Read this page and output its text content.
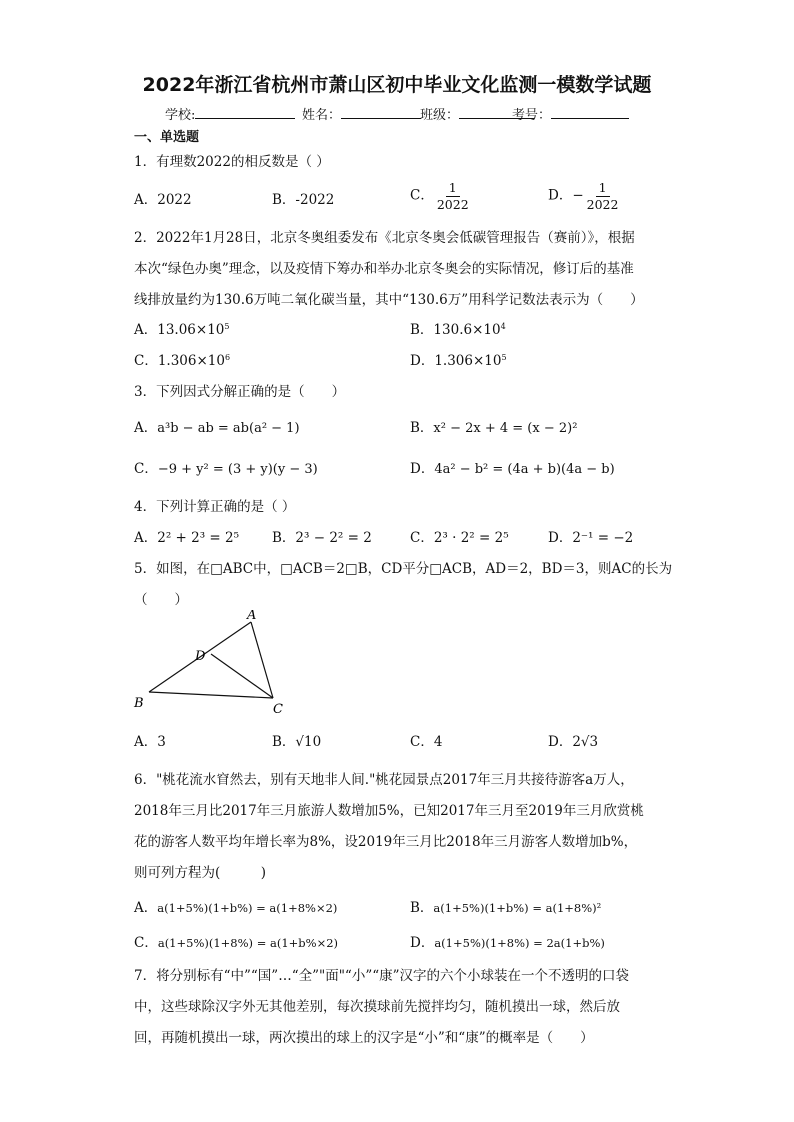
2022年浙江省杭州市萧山区初中毕业文化监测一模数学试题
学校:	姓名：	班级：	考号：
一、单选题
1．有理数2022的相反数是（ ）
A．2022	B．-2022	C． $\frac{1}{2022}$	D．− $\frac{1}{2022}$
2．2022年1月28日，北京冬奥组委发布《北京冬奥会低碳管理报告（赛前）》，根据
本次“绿色办奥”理念，以及疫情下筹办和举办北京冬奥会的实际情况，修订后的基准
线排放量约为130.6万吨二氧化碳当量，其中“130.6万”用科学记数法表示为（　　）
A．$13.06\times 10^5$	B．$130.6\times 10^4$
C．$1.306\times 10^6$	D．$1.306\times 10^5$
3．下列因式分解正确的是（　　）
A．a³b − ab = ab(a² − 1)	B．x² − 2x + 4 = (x − 2)²
C．−9 + y² = (3 + y)(y − 3)	D．4a² − b² = (4a + b)(4a − b)
4．下列计算正确的是（ ）
A．2² + 2³ = 2⁵ B．2³ − 2² = 2	C．2³ · 2² = 2⁵	D．2⁻¹ = −2
5．如图，在□ABC中，□ACB＝2□B，CD平分□ACB，AD＝2，BD＝3，则AC的长为
（　　）
A
B	C
D
A．3	B．√10	C．4	D．2√3
6．"桃花流水窅然去，别有天地非人间."桃花园景点2017年三月共接待游客a万人，
2018年三月比2017年三月旅游人数增加5%，已知2017年三月至2019年三月欣赏桃
花的游客人数平均年增长率为8%，设2019年三月比2018年三月游客人数增加b%，
则可列方程为(　　　)
A．a(1+5%)(1+b%) = a(1+8%×2)	B．a(1+5%)(1+b%) = a(1+8%)²
C．a(1+5%)(1+8%) = a(1+b%×2)	D．a(1+5%)(1+8%) = 2a(1+b%)
7．将分别标有“中”“国”…“全”"面"“小”“康”汉字的六个小球装在一个不透明的口袋
中，这些球除汉字外无其他差别，每次摸球前先搅拌均匀，随机摸出一球，然后放
回，再随机摸出一球，两次摸出的球上的汉字是“小”和“康”的概率是（　　）
